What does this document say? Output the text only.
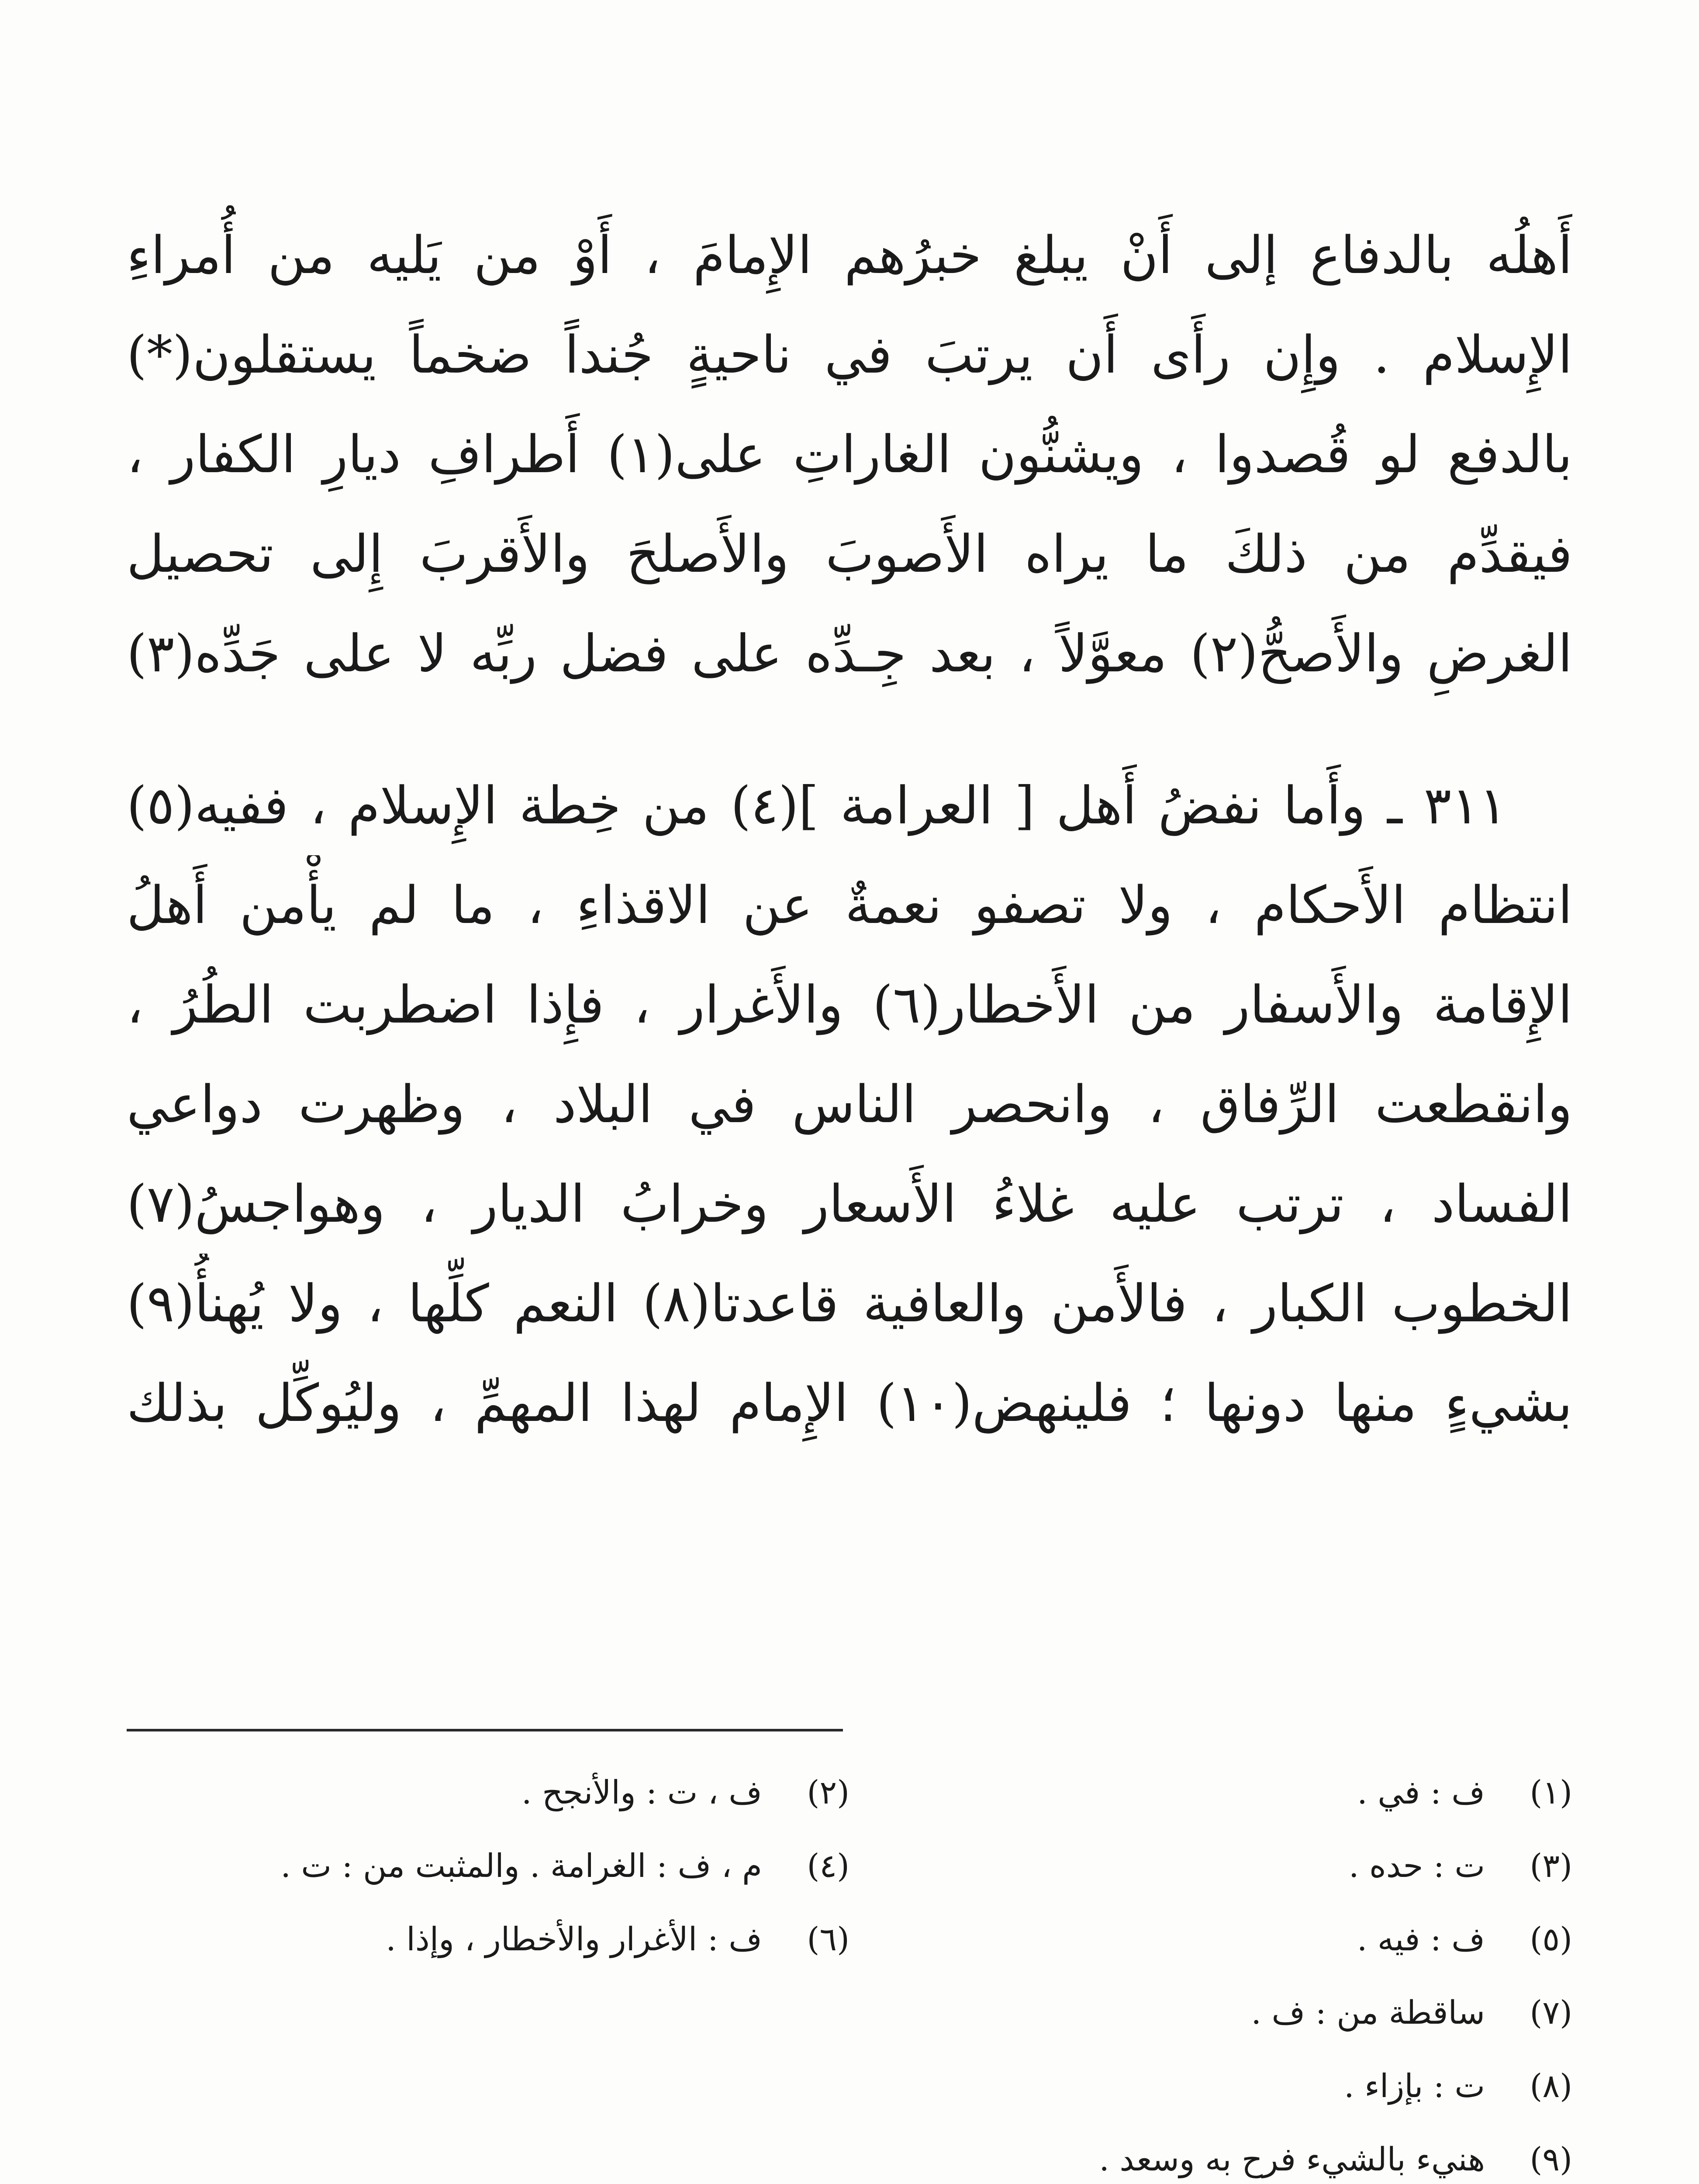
أَهلُه بالدفاع إلى أَنْ يبلغ خبرُهم الإِمامَ ، أَوْ من يَليه من أُمراءِ
الإِسلام . وإِن رأَى أَن يرتبَ في ناحيةٍ جُنداً ضخماً يستقلون(*)
بالدفع لو قُصدوا ، ويشنُّون الغاراتِ على(١) أَطرافِ ديارِ الكفار ،
فيقدِّم من ذلكَ ما يراه الأَصوبَ والأَصلحَ والأَقربَ إِلى تحصيل
الغرضِ والأَصحُّ(٢) معوَّلاً ، بعد جِـدِّه على فضل ربِّه لا على جَدِّه(٣)
٣١١ ـ وأَما نفضُ أَهل [ العرامة ](٤) من خِطة الإِسلام ، ففيه(٥)
انتظام الأَحكام ، ولا تصفو نعمةٌ عن الاقذاءِ ، ما لم يأْمن أَهلُ
الإِقامة والأَسفار من الأَخطار(٦) والأَغرار ، فإِذا اضطربت الطُرُ ،
وانقطعت الرِّفاق ، وانحصر الناس في البلاد ، وظهرت دواعي
الفساد ، ترتب عليه غلاءُ الأَسعار وخرابُ الديار ، وهواجسُ(٧)
الخطوب الكبار ، فالأَمن والعافية قاعدتا(٨) النعم كلِّها ، ولا يُهنأُ(٩)
بشيءٍ منها دونها ؛ فلينهض(١٠) الإِمام لهذا المهمِّ ، وليُوكِّل بذلك
(١)
ف : في .
(٢)
ف ، ت : والأنجح .
(٣)
ت : حده .
(٤)
م ، ف : الغرامة . والمثبت من : ت .
(٥)
ف : فيه .
(٦)
ف : الأغرار والأخطار ، وإذا .
(٧)
ساقطة من : ف .
(٨)
ت : بإزاء .
(٩)
هنيء بالشيء فرح به وسعد .
